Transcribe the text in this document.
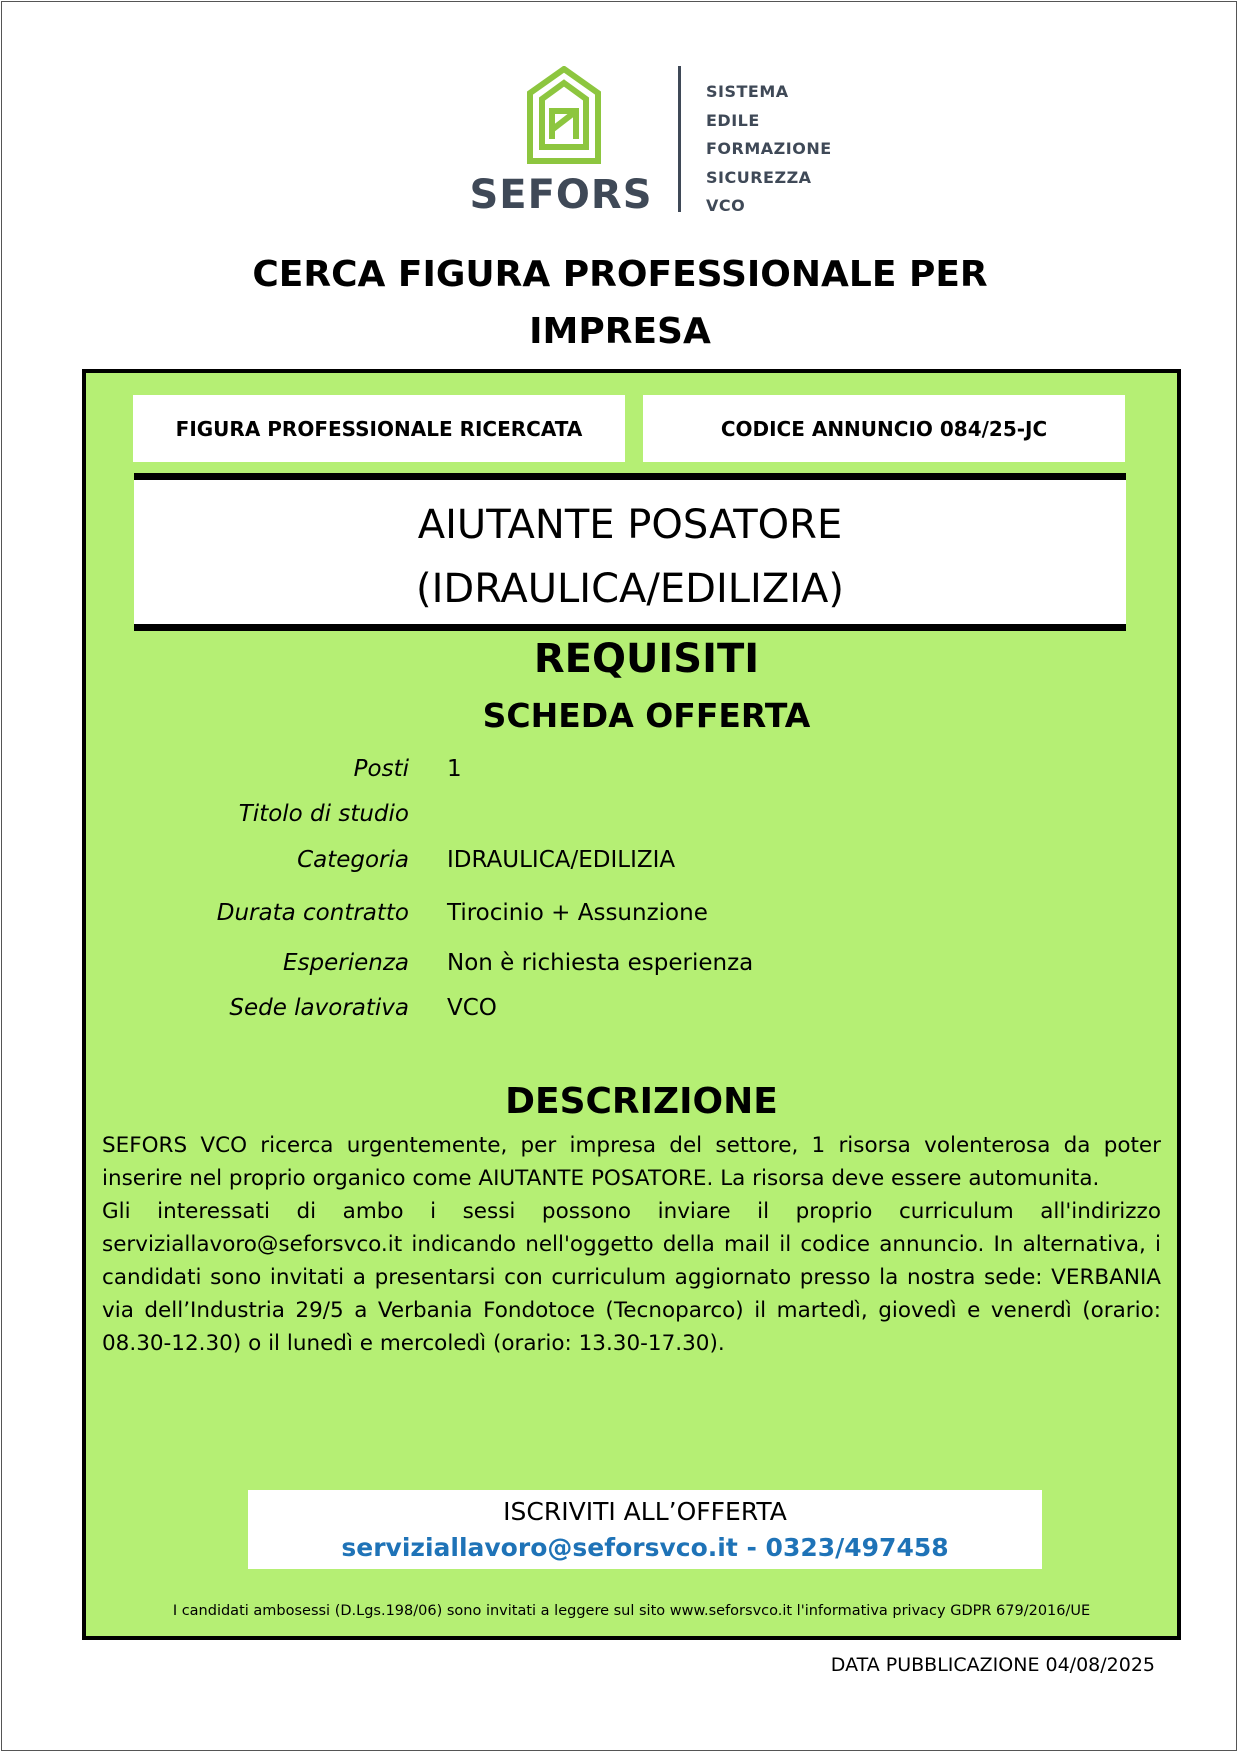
SEFORS
SISTEMA
EDILE
FORMAZIONE
SICUREZZA
VCO
CERCA FIGURA PROFESSIONALE PER
IMPRESA
FIGURA PROFESSIONALE RICERCATA	CODICE ANNUNCIO 084/25-JC
AIUTANTE POSATORE
(IDRAULICA/EDILIZIA)
REQUISITI
SCHEDA OFFERTA
Posti 1
Titolo di studio
Categoria IDRAULICA/EDILIZIA
Durata contratto Tirocinio + Assunzione
Esperienza Non è richiesta esperienza
Sede lavorativa VCO
DESCRIZIONE

SEFORS VCO ricerca urgentemente, per impresa del settore, 1 risorsa volenterosa da poter inserire nel proprio organico come AIUTANTE POSATORE. La risorsa deve essere automunita.

Gli interessati di ambo i sessi possono inviare il proprio curriculum all'indirizzo serviziallavoro@seforsvco.it indicando nell'oggetto della mail il codice annuncio. In alternativa, i candidati sono invitati a presentarsi con curriculum aggiornato presso la nostra sede: VERBANIA via dell’Industria 29/5 a Verbania Fondotoce (Tecnoparco) il martedì, giovedì e venerdì (orario: 08.30-12.30) o il lunedì e mercoledì (orario: 13.30-17.30).

ISCRIVITI ALL’OFFERTA
serviziallavoro@seforsvco.it - 0323/497458
I candidati ambosessi (D.Lgs.198/06) sono invitati a leggere sul sito www.seforsvco.it l'informativa privacy GDPR 679/2016/UE
DATA PUBBLICAZIONE 04/08/2025
